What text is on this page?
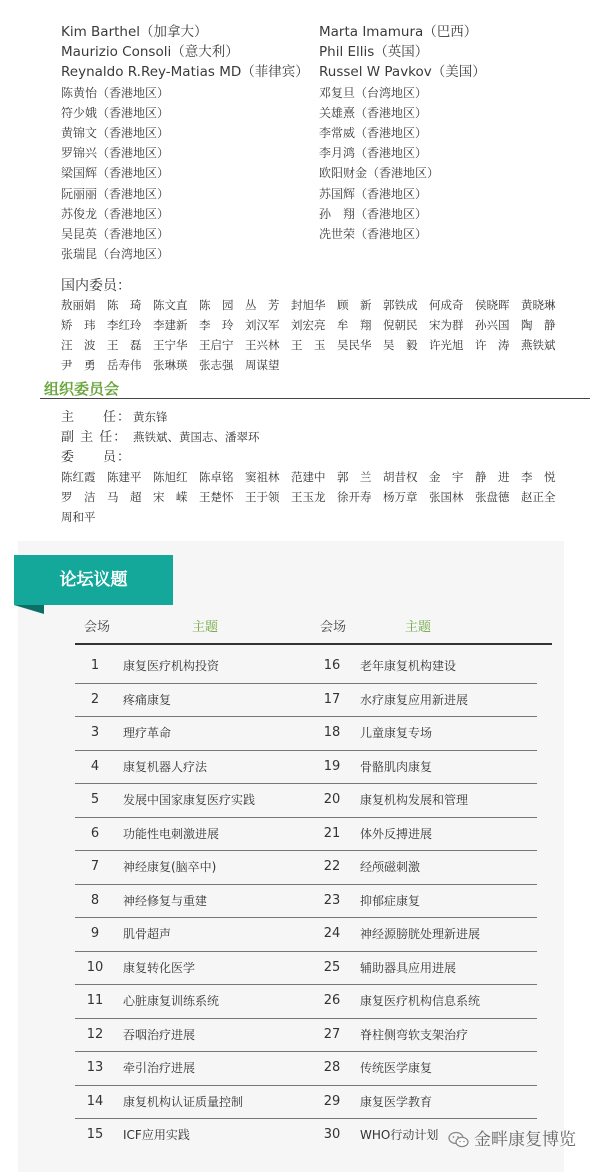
Kim Barthel（加拿大）
Maurizio Consoli（意大利）
Reynaldo R.Rey-Matias MD（菲律宾）
陈黄怡（香港地区）
符少娥（香港地区）
黄锦文（香港地区）
罗锦兴（香港地区）
梁国辉（香港地区）
阮丽丽（香港地区）
苏俊龙（香港地区）
吴昆英（香港地区）
张瑞昆（台湾地区）
Marta Imamura（巴西）
Phil Ellis（英国）
Russel W Pavkov（美国）
邓复旦（台湾地区）
关雄熹（香港地区）
李常威（香港地区）
李月鸿（香港地区）
欧阳财金（香港地区）
苏国辉（香港地区）
孙　翔（香港地区）
冼世荣（香港地区）
国内委员：
敖丽娟　陈　琦　陈文直　陈　园　丛　芳　封旭华　顾　新　郭铁成　何成奇　侯晓晖　黄晓琳
矫　玮　李红玲　李建新　李　玲　刘汉军　刘宏亮　牟　翔　倪朝民　宋为群　孙兴国　陶　静
汪　波　王　磊　王宁华　王启宁　王兴林　王　玉　吴民华　吴　毅　许光旭　许　涛　燕铁斌
尹　勇　岳寿伟　张琳瑛　张志强　周谋望
组织委员会
主　　任： 黄东锋
副 主 任： 燕铁斌、黄国志、潘翠环
委　　员：
陈红霞　陈建平　陈旭红　陈卓铭　窦祖林　范建中　郭　兰　胡昔权　金　宇　静　进　李　悦
罗　洁　马　超　宋　嵘　王楚怀　王于领　王玉龙　徐开寿　杨万章　张国林　张盘德　赵正全
周和平
论坛议题
会场	主题	会场	主题
1	康复医疗机构投资	16	老年康复机构建设
2	疼痛康复	17	水疗康复应用新进展
3	理疗革命	18	儿童康复专场
4	康复机器人疗法	19	骨骼肌肉康复
5	发展中国家康复医疗实践	20	康复机构发展和管理
6	功能性电刺激进展	21	体外反搏进展
7	神经康复(脑卒中)	22	经颅磁刺激
8	神经修复与重建	23	抑郁症康复
9	肌骨超声	24	神经源膀胱处理新进展
10	康复转化医学	25	辅助器具应用进展
11	心脏康复训练系统	26	康复医疗机构信息系统
12	吞咽治疗进展	27	脊柱侧弯软支架治疗
13	牵引治疗进展	28	传统医学康复
14	康复机构认证质量控制	29	康复医学教育
15	ICF应用实践	30	WHO行动计划 金畔康复博览
